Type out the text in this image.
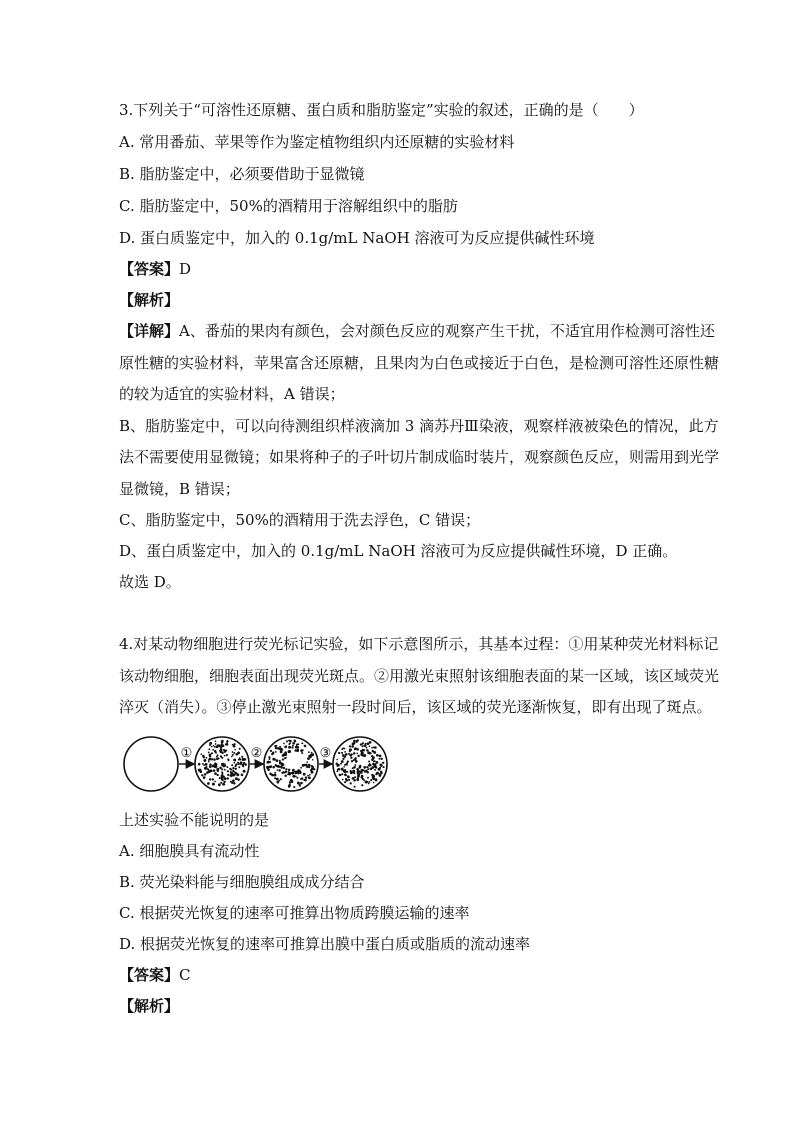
3.下列关于“可溶性还原糖、蛋白质和脂肪鉴定”实验的叙述，正确的是（　　）
A. 常用番茄、苹果等作为鉴定植物组织内还原糖的实验材料
B. 脂肪鉴定中，必须要借助于显微镜
C. 脂肪鉴定中，50%的酒精用于溶解组织中的脂肪
D. 蛋白质鉴定中，加入的 0.1g/mL NaOH 溶液可为反应提供碱性环境
【答案】D
【解析】
【详解】A、番茄的果肉有颜色，会对颜色反应的观察产生干扰，不适宜用作检测可溶性还
原性糖的实验材料，苹果富含还原糖，且果肉为白色或接近于白色，是检测可溶性还原性糖
的较为适宜的实验材料，A 错误；
B、脂肪鉴定中，可以向待测组织样液滴加 3 滴苏丹Ⅲ染液，观察样液被染色的情况，此方
法不需要使用显微镜；如果将种子的子叶切片制成临时装片，观察颜色反应，则需用到光学
显微镜，B 错误；
C、脂肪鉴定中，50%的酒精用于洗去浮色，C 错误；
D、蛋白质鉴定中，加入的 0.1g/mL NaOH 溶液可为反应提供碱性环境，D 正确。
故选 D。
4.对某动物细胞进行荧光标记实验，如下示意图所示，其基本过程：①用某种荧光材料标记
该动物细胞，细胞表面出现荧光斑点。②用激光束照射该细胞表面的某一区域，该区域荧光
淬灭（消失）。③停止激光束照射一段时间后，该区域的荧光逐渐恢复，即有出现了斑点。
①	②	③
上述实验不能说明的是
A. 细胞膜具有流动性
B. 荧光染料能与细胞膜组成成分结合
C. 根据荧光恢复的速率可推算出物质跨膜运输的速率
D. 根据荧光恢复的速率可推算出膜中蛋白质或脂质的流动速率
【答案】C
【解析】
